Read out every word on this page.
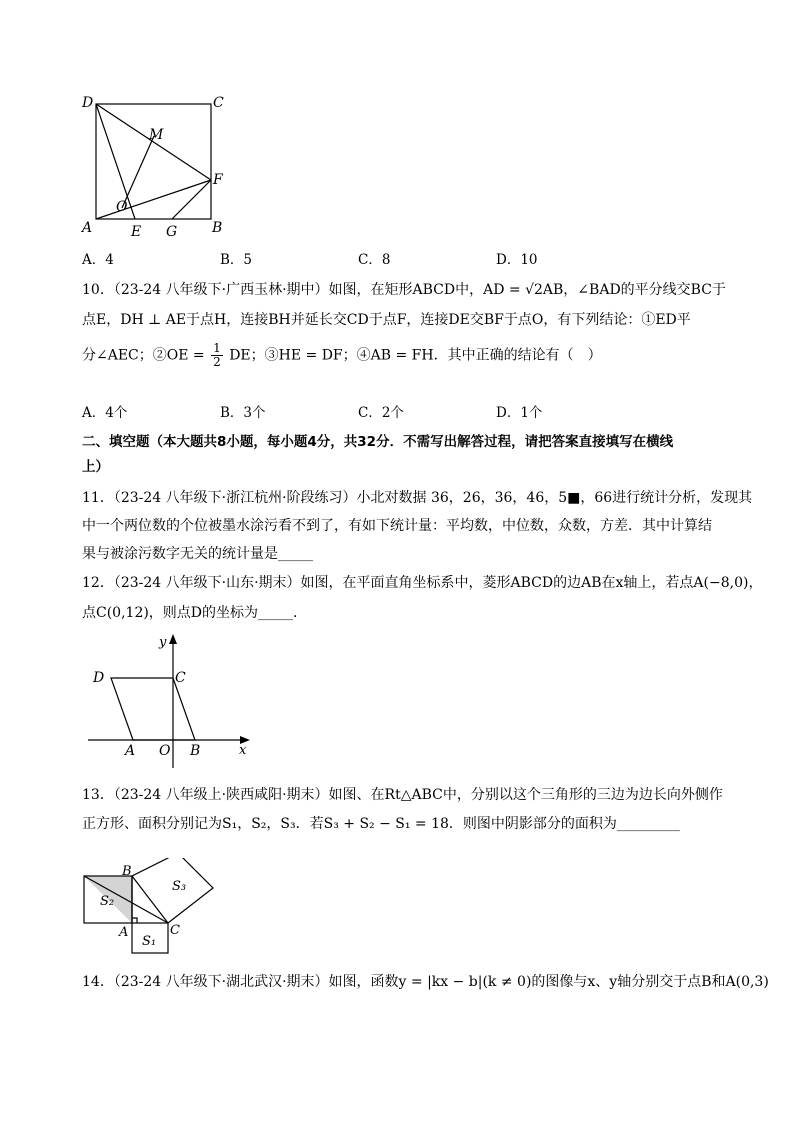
D	C
M
F
O
A	E G B
A．4	B．5	C．8	D．10
10．（23-24 八年级下·广西玉林·期中）如图，在矩形ABCD中，AD = √2AB，∠BAD的平分线交BC于
点E，DH ⊥ AE于点H，连接BH并延长交CD于点F，连接DE交BF于点O，有下列结论：①ED平
分∠AEC；②OE = $\frac{1}{2}$ DE；③HE = DF；④AB = FH．其中正确的结论有（　）
A．4个	B．3个	C．2个	D．1个
二、填空题（本大题共8小题，每小题4分，共32分．不需写出解答过程，请把答案直接填写在横线
上）
11．（23-24 八年级下·浙江杭州·阶段练习）小北对数据 36，26，36，46，5■，66进行统计分析，发现其
中一个两位数的个位被墨水涂污看不到了，有如下统计量：平均数，中位数，众数，方差．其中计算结
果与被涂污数字无关的统计量是_____
12．（23-24 八年级下·山东·期末）如图，在平面直角坐标系中，菱形ABCD的边AB在x轴上，若点A(−8,0)，
点C(0,12)，则点D的坐标为_____．
y
x
D	C
A O B
13．（23-24 八年级上·陕西咸阳·期末）如图、在Rt△ABC中，分别以这个三角形的三边为边长向外侧作
正方形、面积分别记为S₁，S₂，S₃．若S₃ + S₂ − S₁ = 18．则图中阴影部分的面积为_________
B
S₃
S₂
A	C
S₁
14．（23-24 八年级下·湖北武汉·期末）如图，函数y = |kx − b|(k ≠ 0)的图像与x、y轴分别交于点B和A(0,3)
